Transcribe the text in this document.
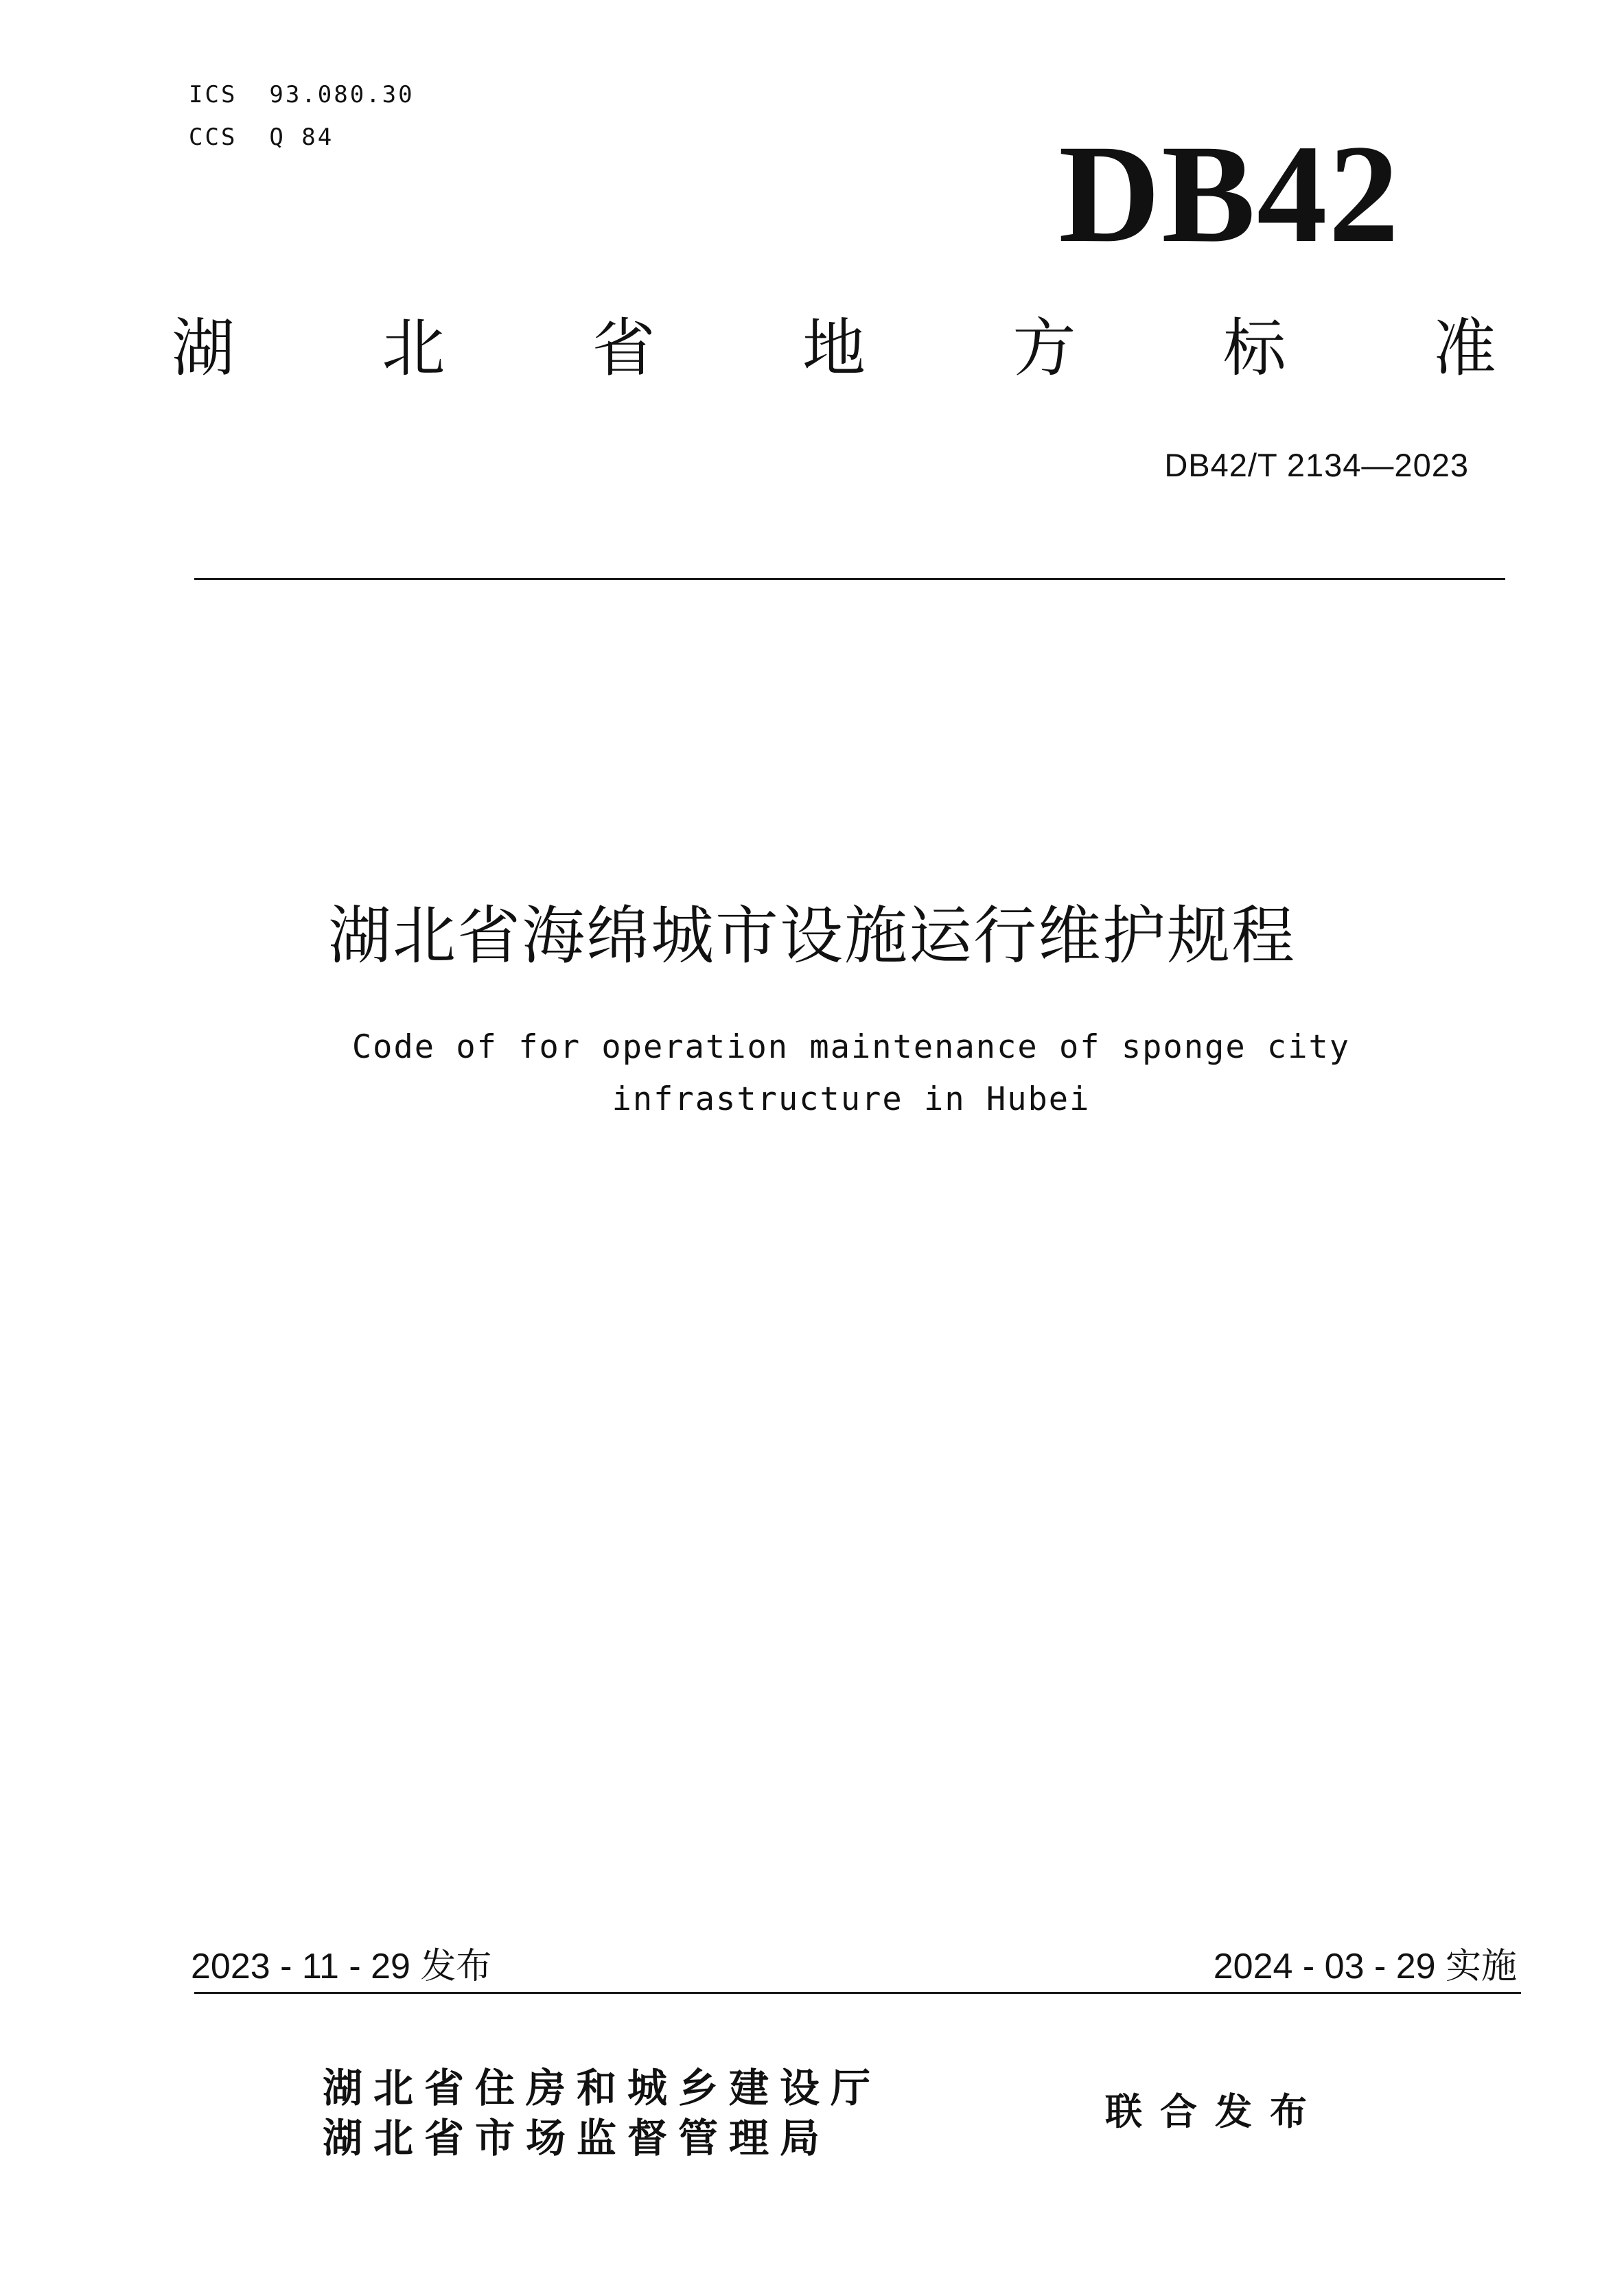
ICS  93.080.30
CCS  Q 84	DB42
湖 北 省 地 方 标 准
DB42/T 2134—2023
湖北省海绵城市设施运行维护规程
Code of for operation maintenance of sponge city infrastructure in Hubei
2023 - 11 - 29 发布	2024 - 03 - 29 实施
湖北省住房和城乡建设厅
湖北省市场监督管理局
联合发布
